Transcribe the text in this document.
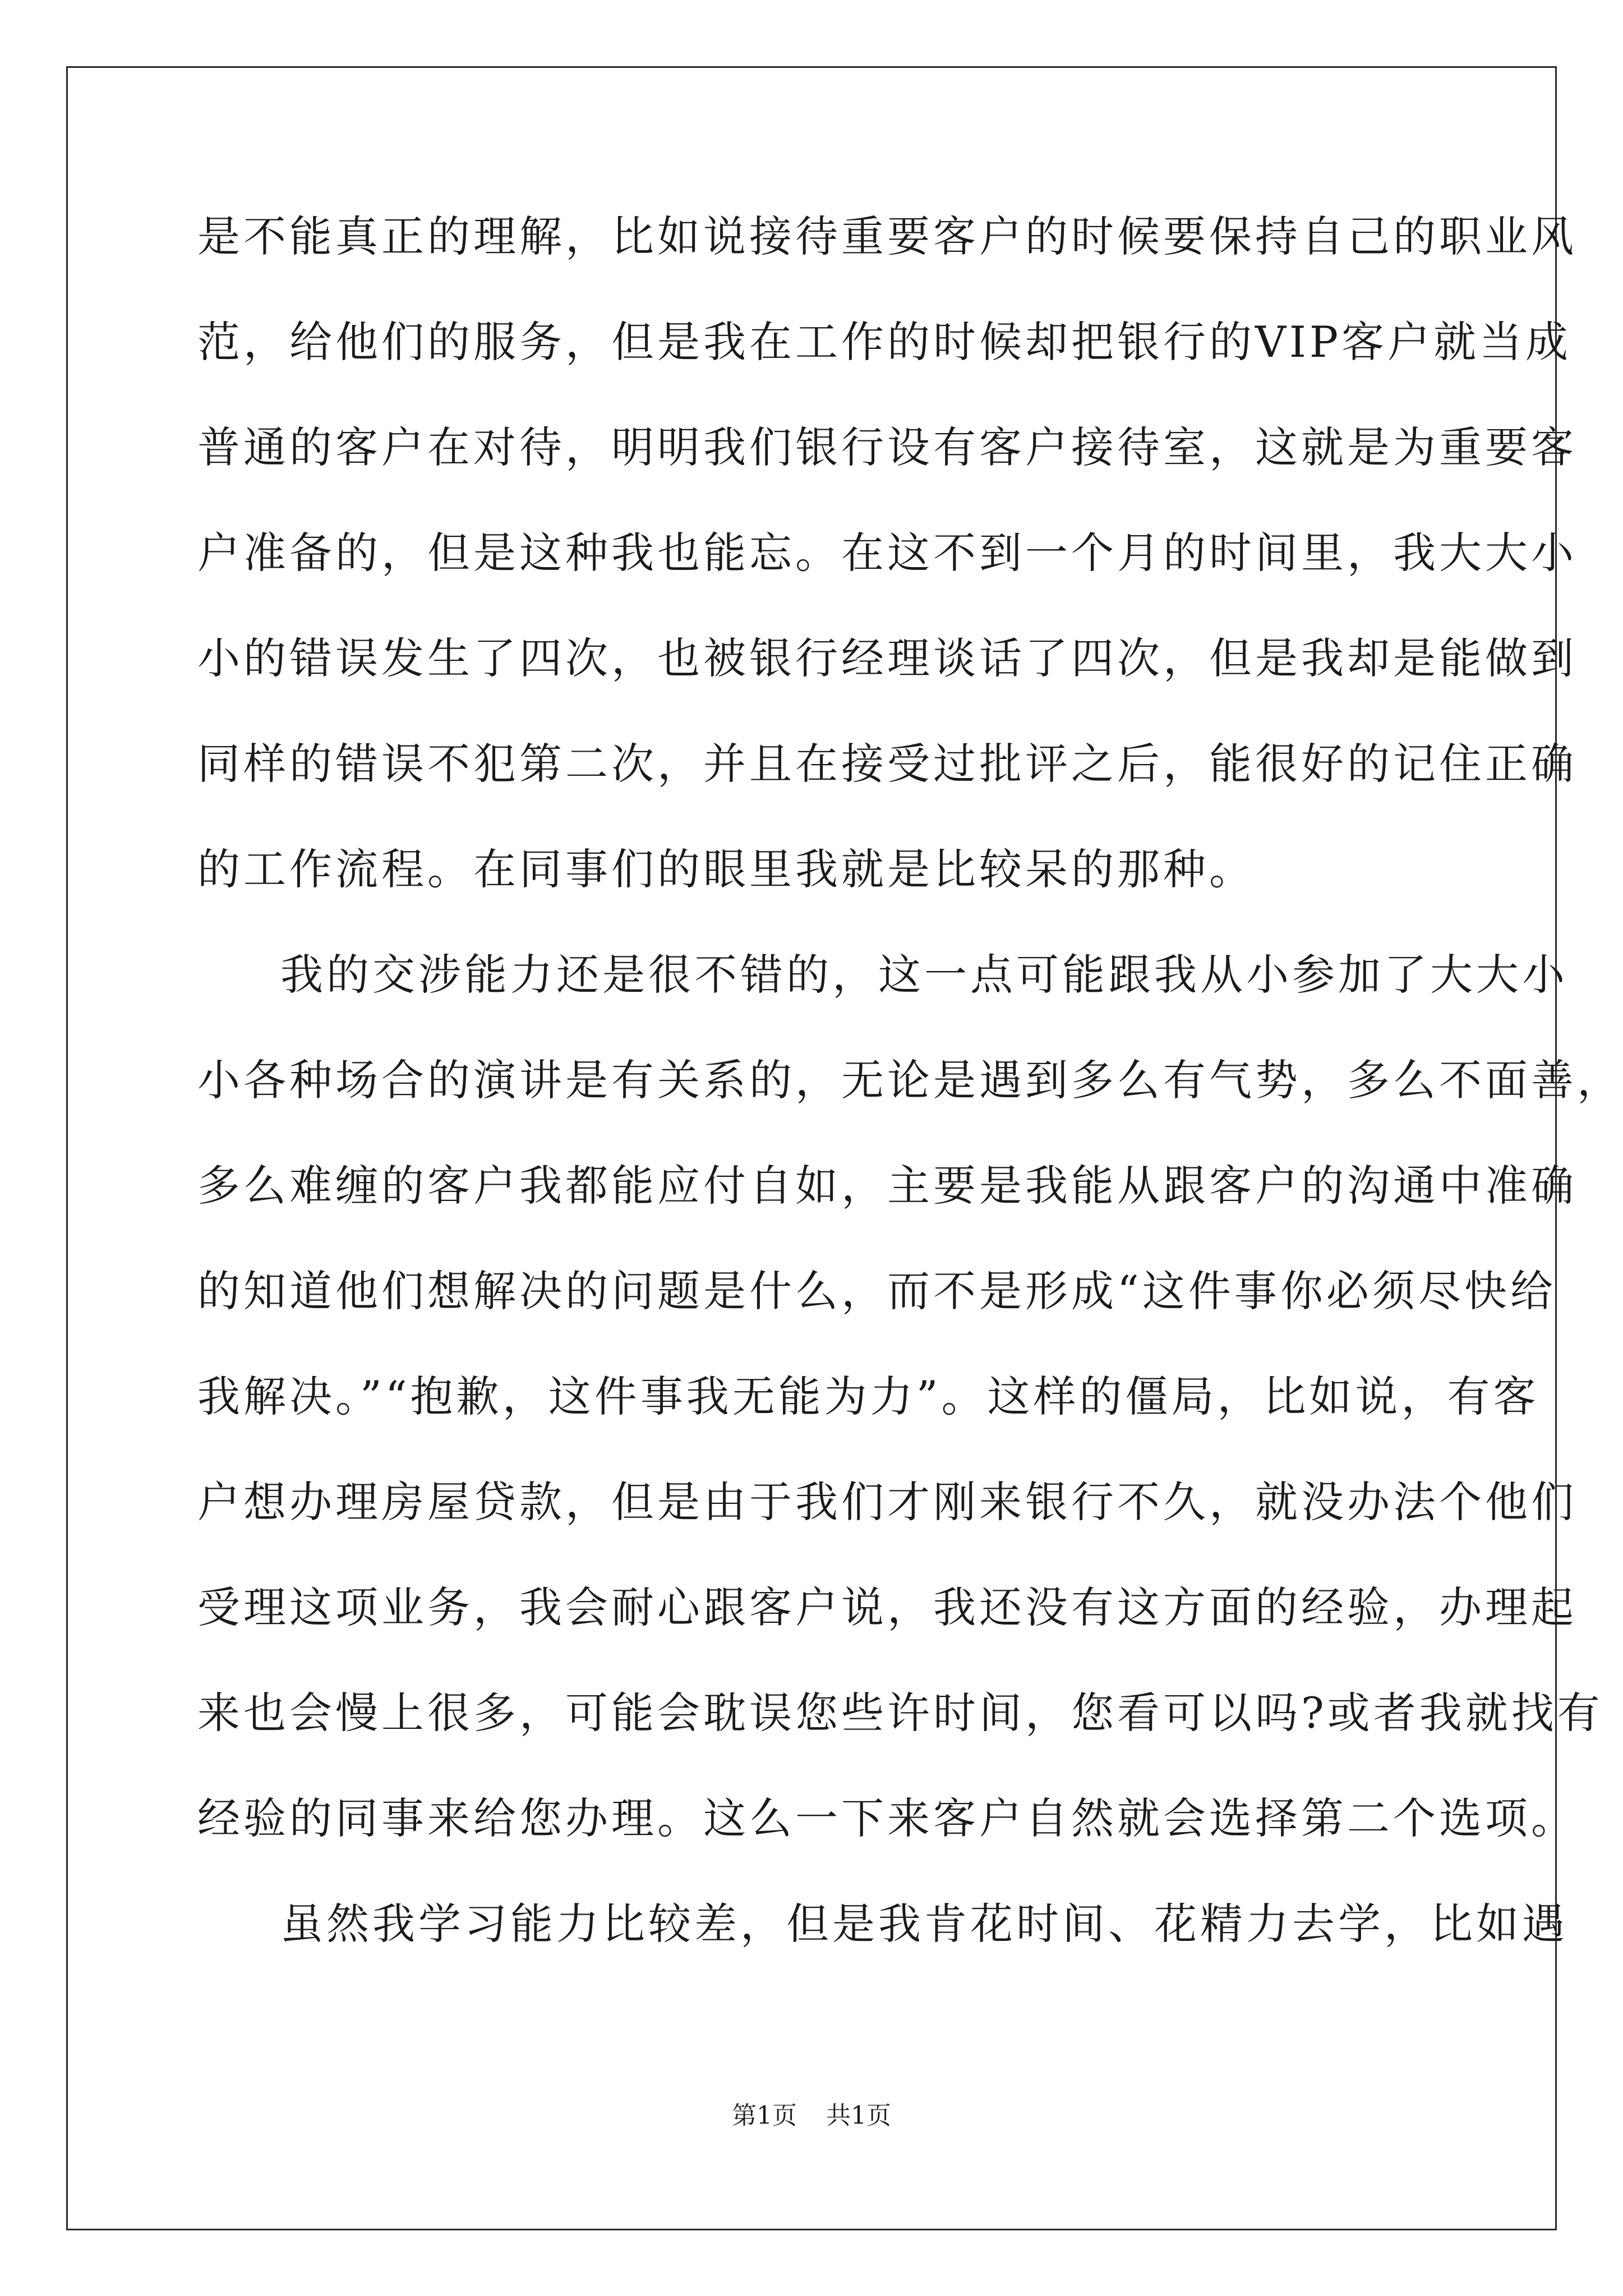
是不能真正的理解，比如说接待重要客户的时候要保持自己的职业风
范，给他们的服务，但是我在工作的时候却把银行的VIP客户就当成
普通的客户在对待，明明我们银行设有客户接待室，这就是为重要客
户准备的，但是这种我也能忘。在这不到一个月的时间里，我大大小
小的错误发生了四次，也被银行经理谈话了四次，但是我却是能做到
同样的错误不犯第二次，并且在接受过批评之后，能很好的记住正确
的工作流程。在同事们的眼里我就是比较呆的那种。
我的交涉能力还是很不错的，这一点可能跟我从小参加了大大小
小各种场合的演讲是有关系的，无论是遇到多么有气势，多么不面善，
多么难缠的客户我都能应付自如，主要是我能从跟客户的沟通中准确
的知道他们想解决的问题是什么，而不是形成“这件事你必须尽快给
我解决。”“抱歉，这件事我无能为力”。这样的僵局，比如说，有客
户想办理房屋贷款，但是由于我们才刚来银行不久，就没办法个他们
受理这项业务，我会耐心跟客户说，我还没有这方面的经验，办理起
来也会慢上很多，可能会耽误您些许时间，您看可以吗?或者我就找有
经验的同事来给您办理。这么一下来客户自然就会选择第二个选项。
虽然我学习能力比较差，但是我肯花时间、花精力去学，比如遇
第1页 共1页
